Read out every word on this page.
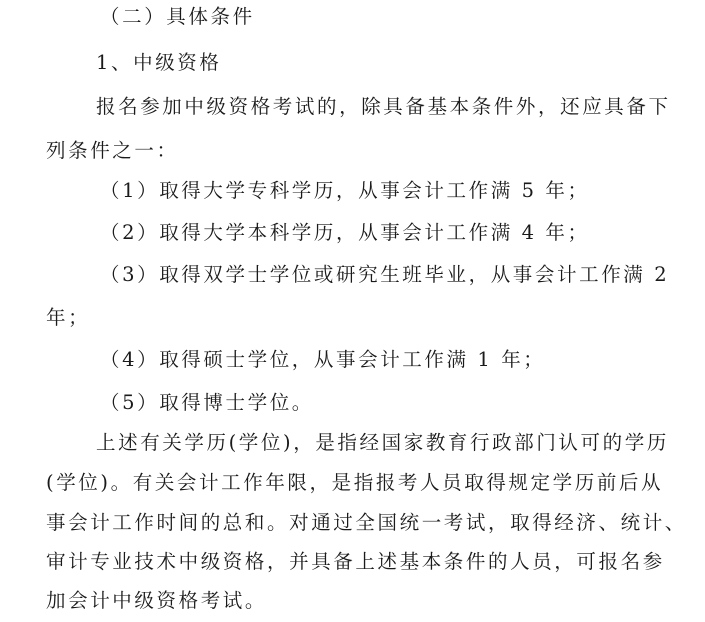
（二）具体条件
1、中级资格
报名参加中级资格考试的，除具备基本条件外，还应具备下
列条件之一：
（1）取得大学专科学历，从事会计工作满 5 年；
（2）取得大学本科学历，从事会计工作满 4 年；
（3）取得双学士学位或研究生班毕业，从事会计工作满 2
年；
（4）取得硕士学位，从事会计工作满 1 年；
（5）取得博士学位。
上述有关学历(学位)，是指经国家教育行政部门认可的学历
(学位)。有关会计工作年限，是指报考人员取得规定学历前后从
事会计工作时间的总和。对通过全国统一考试，取得经济、统计、
审计专业技术中级资格，并具备上述基本条件的人员，可报名参
加会计中级资格考试。
